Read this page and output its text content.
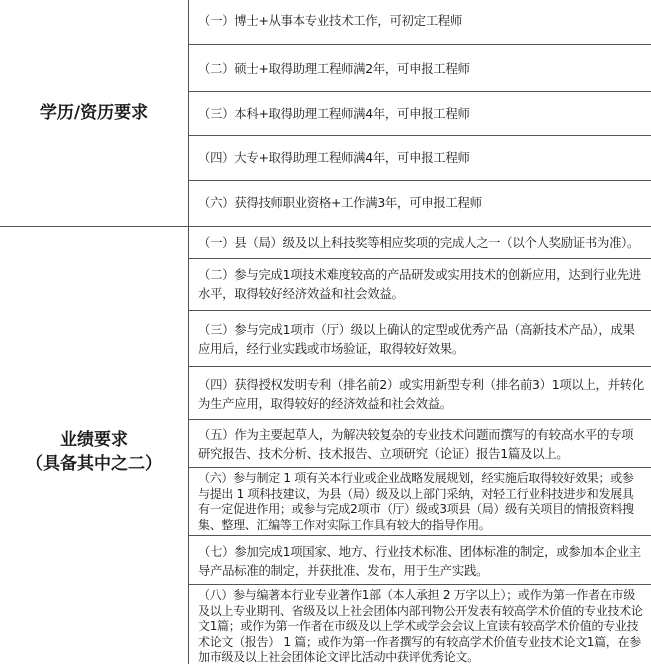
学历/资历要求
（一）博士+从事本专业技术工作，可初定工程师
（二）硕士+取得助理工程师满2年，可申报工程师
（三）本科+取得助理工程师满4年，可申报工程师
（四）大专+取得助理工程师满4年，可申报工程师
（六）获得技师职业资格+工作满3年，可申报工程师
业绩要求
（具备其中之二）
（一）县（局）级及以上科技奖等相应奖项的完成人之一（以个人奖励证书为准）。
（二）参与完成1项技术难度较高的产品研发或实用技术的创新应用，达到行业先进水平，取得较好经济效益和社会效益。
（三）参与完成1项市（厅）级以上确认的定型或优秀产品（高新技术产品），成果应用后，经行业实践或市场验证，取得较好效果。
（四）获得授权发明专利（排名前2）或实用新型专利（排名前3）1项以上，并转化为生产应用，取得较好的经济效益和社会效益。
（五）作为主要起草人，为解决较复杂的专业技术问题而撰写的有较高水平的专项研究报告、技术分析、技术报告、立项研究（论证）报告1篇及以上。
（六）参与制定 1 项有关本行业或企业战略发展规划，经实施后取得较好效果；或参与提出 1 项科技建议，为县（局）级及以上部门采纳，对轻工行业科技进步和发展具有一定促进作用；或参与完成2项市（厅）级或3项县（局）级有关项目的情报资料搜集、整理、汇编等工作对实际工作具有较大的指导作用。
（七）参加完成1项国家、地方、行业技术标准、团体标准的制定，或参加本企业主导产品标准的制定，并获批准、发布，用于生产实践。
（八）参与编著本行业专业著作1部（本人承担 2 万字以上）；或作为第一作者在市级及以上专业期刊、省级及以上社会团体内部刊物公开发表有较高学术价值的专业技术论文1篇；或作为第一作者在市级及以上学术或学会会议上宣读有较高学术价值的专业技术论文（报告） 1 篇；或作为第一作者撰写的有较高学术价值专业技术论文1篇，在参加市级及以上社会团体论文评比活动中获评优秀论文。
